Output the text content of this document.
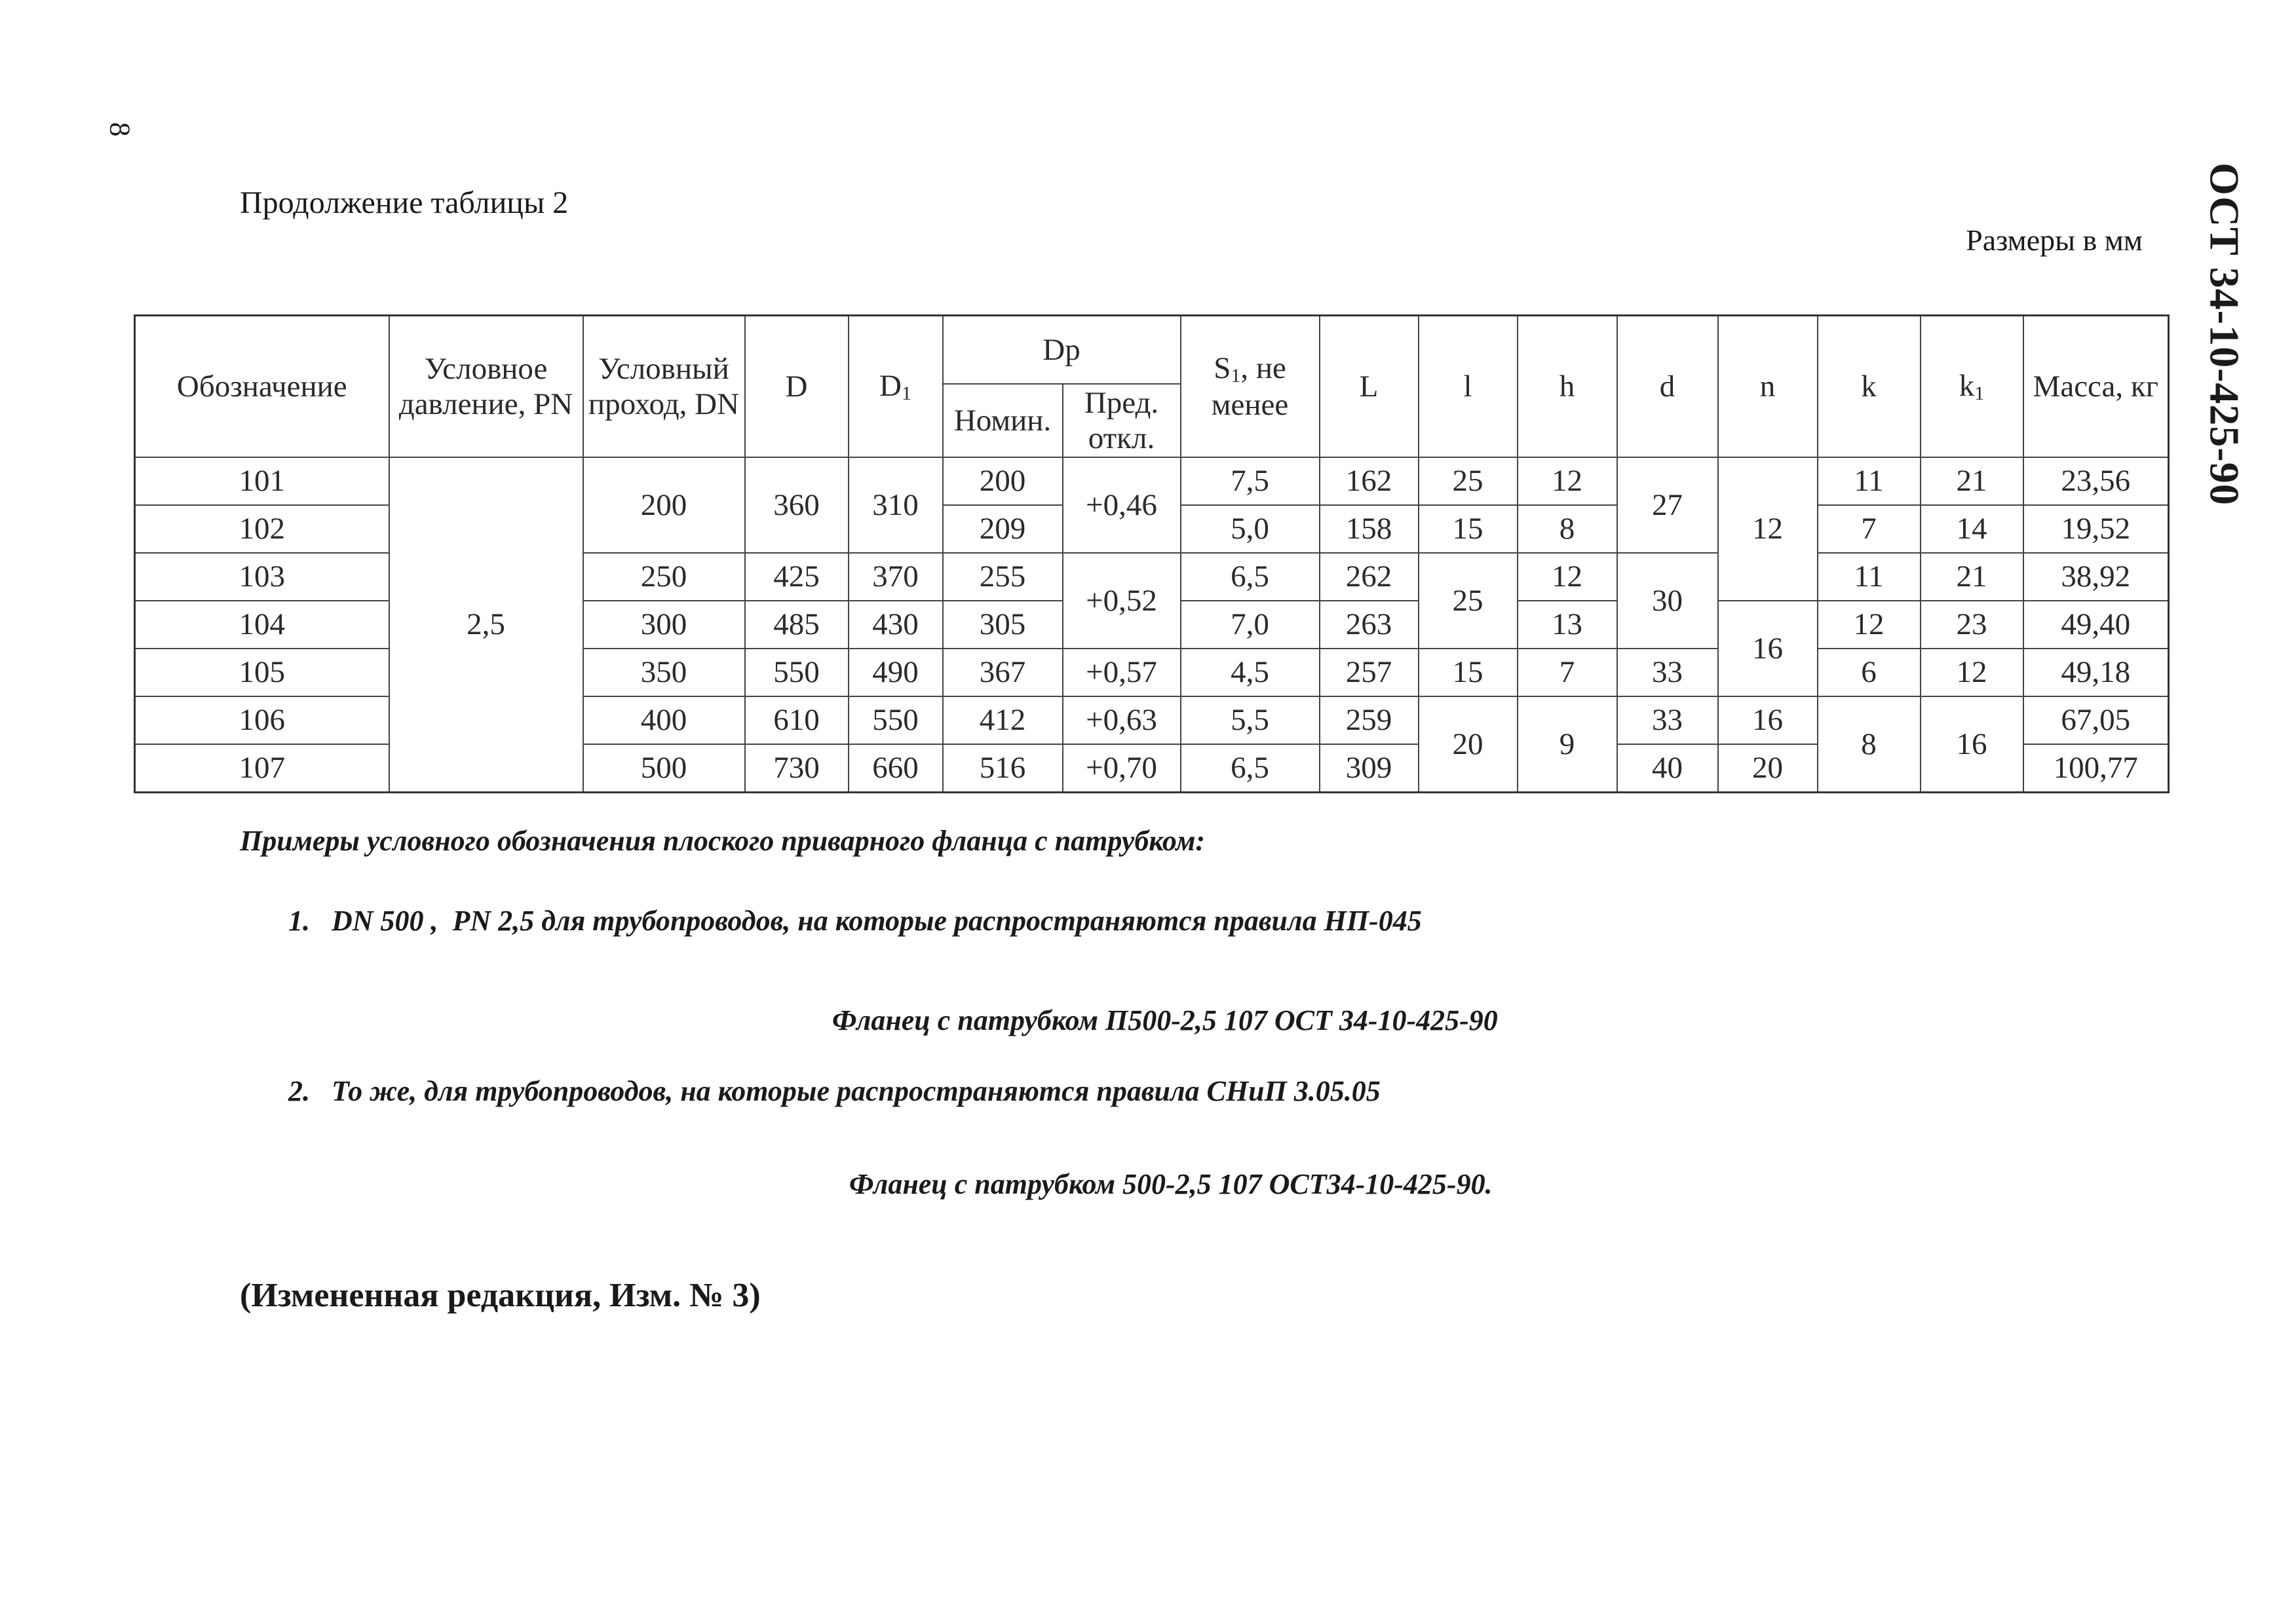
8
Продолжение таблицы 2
Размеры в мм ОСТ 34-10-425-90
Обозначение	Условное давление, PN	Условный проход, DN	D	$D_1$	Dp		$S_1$, не менее	L	l	h	d	n	k	$k_1$	Масса, кг
					Номин.	Пред. откл.									
101	2,5	200	360	310	200	+0,46	7,5	162	25	12	27	12	11	21	23,56
102					209		5,0	158	15	8			7	14	19,52
103		250	425	370	255	+0,52	6,5	262	25	12	30		11	21	38,92
104		300	485	430	305		7,0	263		13		16	12	23	49,40
105		350	550	490	367	+0,57	4,5	257	15	7	33		6	12	49,18
106		400	610	550	412	+0,63	5,5	259	20	9	33	16	8	16	67,05
107		500	730	660	516	+0,70	6,5	309			40	20			100,77
Примеры условного обозначения плоского приварного фланца с патрубком:
1.   DN 500 ,  PN 2,5 для трубопроводов, на которые распространяются правила НП-045
Фланец с патрубком П500-2,5 107 ОСТ 34-10-425-90
2.   То же, для трубопроводов, на которые распространяются правила СНиП 3.05.05
Фланец с патрубком 500-2,5 107 ОСТ34-10-425-90.
(Измененная редакция, Изм. № 3)
